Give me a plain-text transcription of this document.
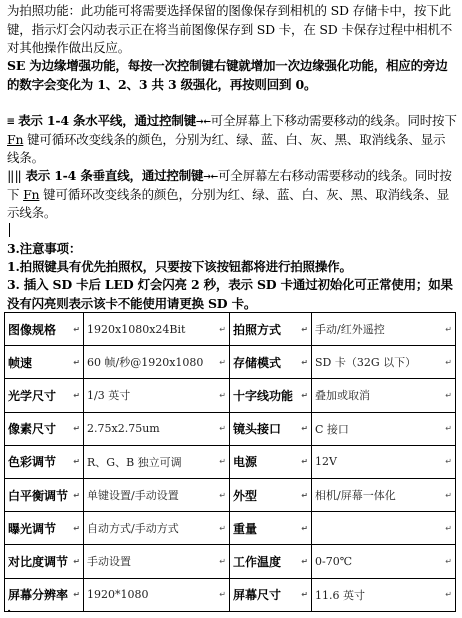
为拍照功能：此功能可将需要选择保留的图像保存到相机的 SD 存储卡中，按下此键，指示灯会闪动表示正在将当前图像保存到 SD 卡，在 SD 卡保存过程中相机不对其他操作做出反应。
SE 为边缘增强功能，每按一次控制键右键就增加一次边缘强化功能，相应的旁边的数字会变化为 1、2、3 共 3 级强化，再按则回到 0。
≡ 表示 1-4 条水平线，通过控制键→←可全屏幕上下移动需要移动的线条。同时按下 Fn 键可循环改变线条的颜色，分别为红、绿、蓝、白、灰、黑、取消线条、显示线条。
‖‖ 表示 1-4 条垂直线，通过控制键→←可全屏幕左右移动需要移动的线条。同时按下 Fn 键可循环改变线条的颜色，分别为红、绿、蓝、白、灰、黑、取消线条、显示线条。
3.注意事项：
1.拍照键具有优先拍照权，只要按下该按钮都将进行拍照操作。
3. 插入 SD 卡后 LED 灯会闪亮 2 秒，表示 SD 卡通过初始化可正常使用；如果没有闪亮则表示该卡不能使用请更换 SD 卡。
图像规格 ↵	1920x1080x24Bit ↵	拍照方式 ↵	手动/红外遥控 ↵

帧速 ↵	60 帧/秒@1920x1080 ↵	存储模式 ↵	SD 卡（32G 以下） ↵

光学尺寸 ↵	1/3 英寸 ↵	十字线功能 ↵	叠加或取消 ↵

像素尺寸 ↵	2.75x2.75um ↵	镜头接口 ↵	C 接口 ↵

色彩调节 ↵	R、G、B 独立可调 ↵	电源 ↵	12V ↵

白平衡调节 ↵	单键设置/手动设置 ↵	外型 ↵	相机/屏幕一体化 ↵

曝光调节 ↵	自动方式/手动方式 ↵	重量 ↵	↵

对比度调节 ↵	手动设置 ↵	工作温度 ↵	0-70℃ ↵

屏幕分辨率 ↵	1920*1080 ↵	屏幕尺寸 ↵	11.6 英寸 ↵
·
